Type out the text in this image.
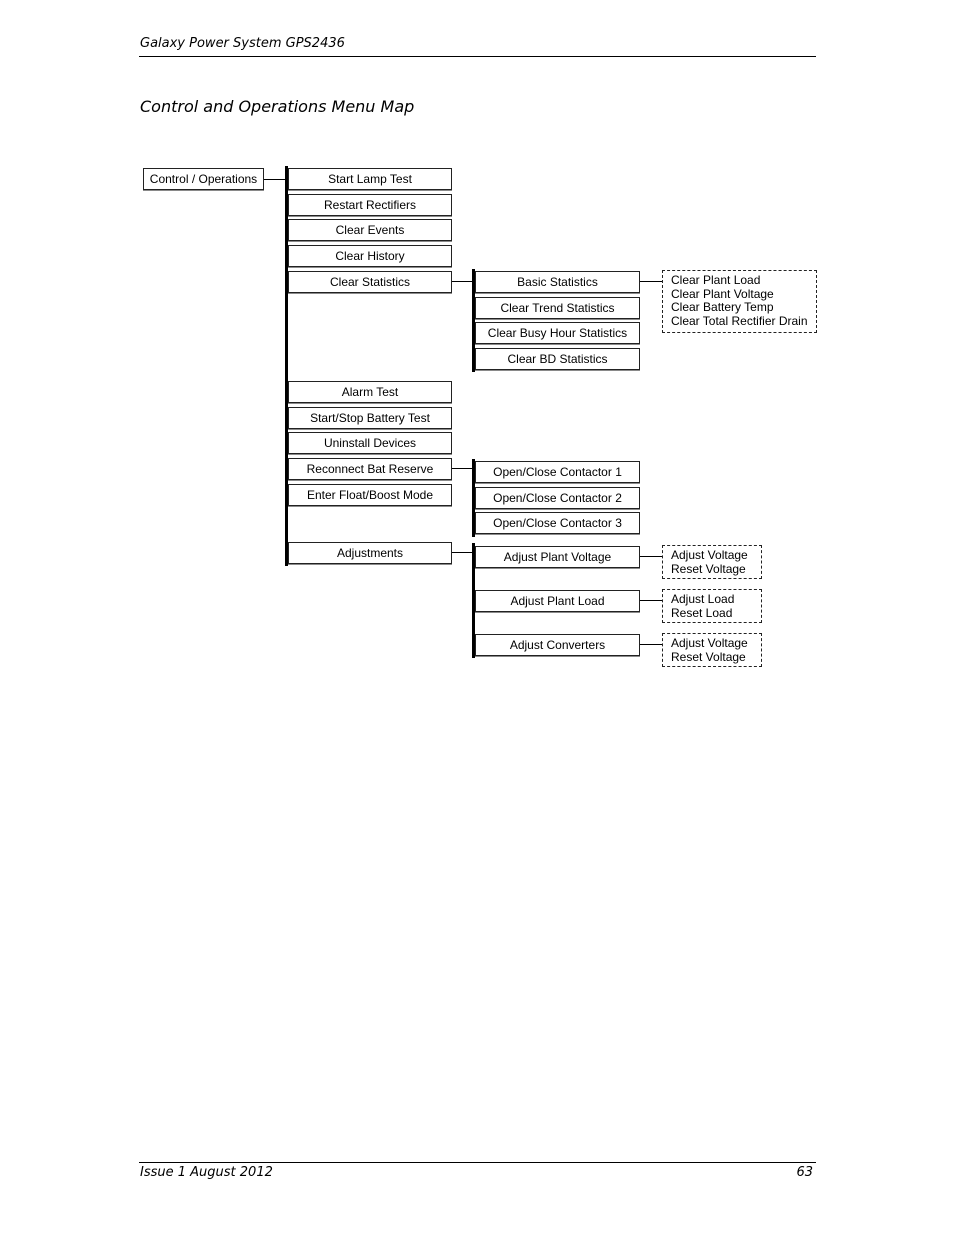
Galaxy Power System GPS2436
Control and Operations Menu Map
Control / Operations	Start Lamp Test
Restart Rectifiers
Clear Events
Clear History
Clear Statistics
Alarm Test
Start/Stop Battery Test
Uninstall Devices
Reconnect Bat Reserve
Enter Float/Boost Mode
Adjustments
Basic Statistics
Clear Trend Statistics
Clear Busy Hour Statistics
Clear BD Statistics
Clear Plant Load
Clear Plant Voltage
Clear Battery Temp
Clear Total Rectifier Drain
Open/Close Contactor 1
Open/Close Contactor 2
Open/Close Contactor 3
Adjust Plant Voltage
Adjust Plant Load
Adjust Converters
Adjust Voltage
Reset Voltage
Adjust Load
Reset Load
Adjust Voltage
Reset Voltage
Issue 1 August 2012	63
